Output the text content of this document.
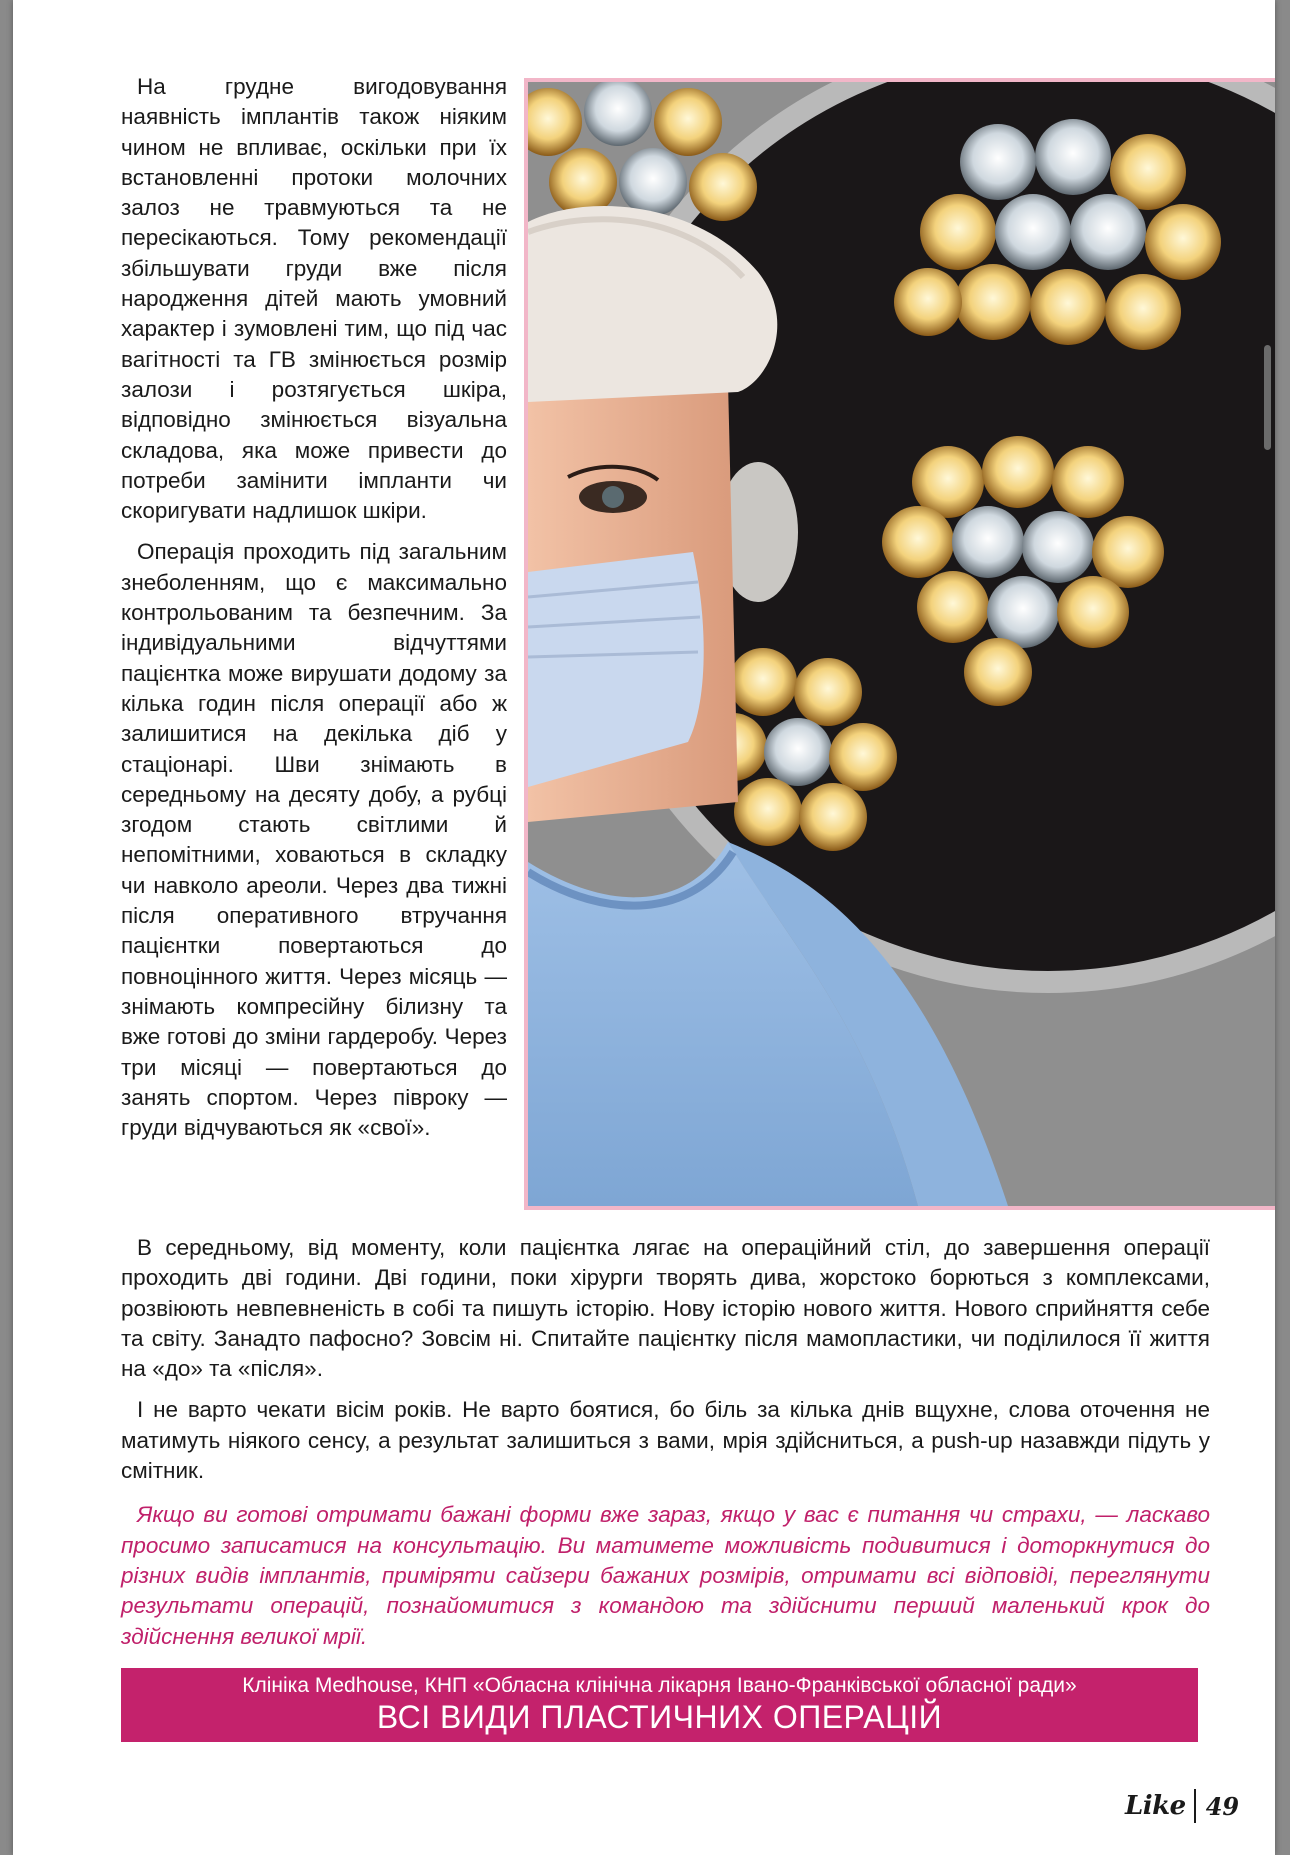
На грудне вигодовування наявність імплантів також ніяким чином не впливає, оскільки при їх встановленні протоки молочних залоз не травмуються та не пересікаються. Тому рекомендації збільшувати груди вже після народження дітей мають умовний характер і зумовлені тим, що під час вагітності та ГВ змінюється розмір залози і розтягується шкіра, відповідно змінюється візуальна складова, яка може привести до потреби замінити імпланти чи скоригувати надлишок шкіри.

Операція проходить під загальним знеболенням, що є максимально контрольованим та безпечним. За індивідуальними відчуттями пацієнтка може вирушати додому за кілька годин після операції або ж залишитися на декілька діб у стаціонарі. Шви знімають в середньому на десяту добу, а рубці згодом стають світлими й непомітними, ховаються в складку чи навколо ареоли. Через два тижні після оперативного втручання пацієнтки повертаються до повноцінного життя. Через місяць — знімають компресійну білизну та вже готові до зміни гардеробу. Через три місяці — повертаються до занять спортом. Через півроку — груди відчуваються як «свої».

В середньому, від моменту, коли пацієнтка лягає на операційний стіл, до завершення операції проходить дві години. Дві години, поки хірурги творять дива, жорстоко борються з комплексами, розвіюють невпевненість в собі та пишуть історію. Нову історію нового життя. Нового сприйняття себе та світу. Занадто пафосно? Зовсім ні. Спитайте пацієнтку після мамопластики, чи поділилося її життя на «до» та «після».

І не варто чекати вісім років. Не варто боятися, бо біль за кілька днів вщухне, слова оточення не матимуть ніякого сенсу, а результат залишиться з вами, мрія здійсниться, а push-up назавжди підуть у смітник.

Якщо ви готові отримати бажані форми вже зараз, якщо у вас є питання чи страхи, — ласкаво просимо записатися на консультацію. Ви матимете можливість подивитися і доторкнутися до різних видів імплантів, приміряти сайзери бажаних розмірів, отримати всі відповіді, переглянути результати операцій, познайомитися з командою та здійснити перший маленький крок до здійснення великої мрії.

Клініка Medhouse, КНП «Обласна клінічна лікарня Івано-Франківської обласної ради»
ВСІ ВИДИ ПЛАСТИЧНИХ ОПЕРАЦІЙ
Like 49
